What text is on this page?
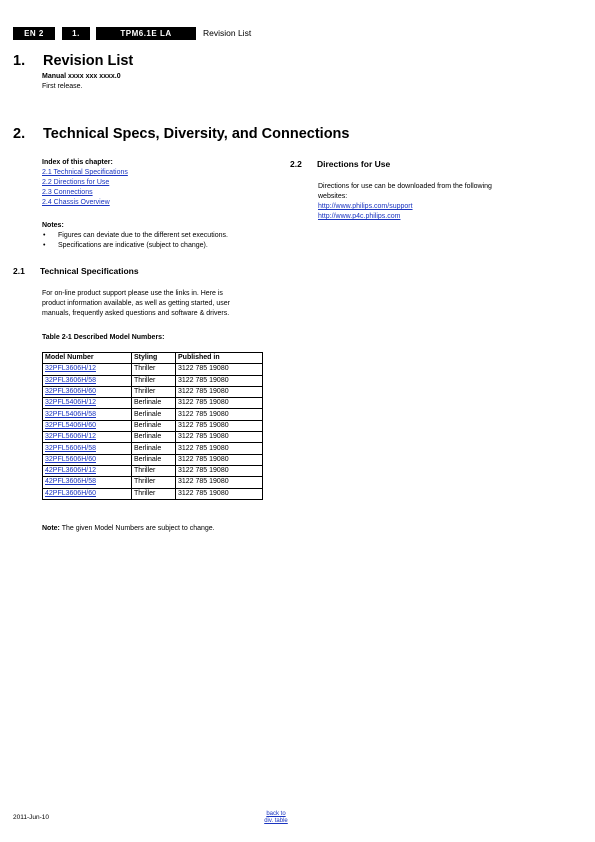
EN 2	1.	TPM6.1E LA	Revision List
1. Revision List
Manual xxxx xxx xxxx.0
First release.
2. Technical Specs, Diversity, and Connections
Index of this chapter:
2.1 Technical Specifications
2.2 Directions for Use
2.3 Connections
2.4 Chassis Overview
Notes:
• Figures can deviate due to the different set executions.
• Specifications are indicative (subject to change).
2.1 Technical Specifications
For on-line product support please use the links in. Here is
product information available, as well as getting started, user
manuals, frequently asked questions and software & drivers.
Table 2-1 Described Model Numbers:
Model Number	Styling	Published in
32PFL3606H/12	Thriller	3122 785 19080
32PFL3606H/58	Thriller	3122 785 19080
32PFL3606H/60	Thriller	3122 785 19080
32PFL5406H/12	Berlinale	3122 785 19080
32PFL5406H/58	Berlinale	3122 785 19080
32PFL5406H/60	Berlinale	3122 785 19080
32PFL5606H/12	Berlinale	3122 785 19080
32PFL5606H/58	Berlinale	3122 785 19080
32PFL5606H/60	Berlinale	3122 785 19080
42PFL3606H/12	Thriller	3122 785 19080
42PFL3606H/58	Thriller	3122 785 19080
42PFL3606H/60	Thriller	3122 785 19080
Note: The given Model Numbers are subject to change.
2.2 Directions for Use
Directions for use can be downloaded from the following
websites:
http://www.philips.com/support
http://www.p4c.philips.com
2011-Jun-10	back to
div. table
